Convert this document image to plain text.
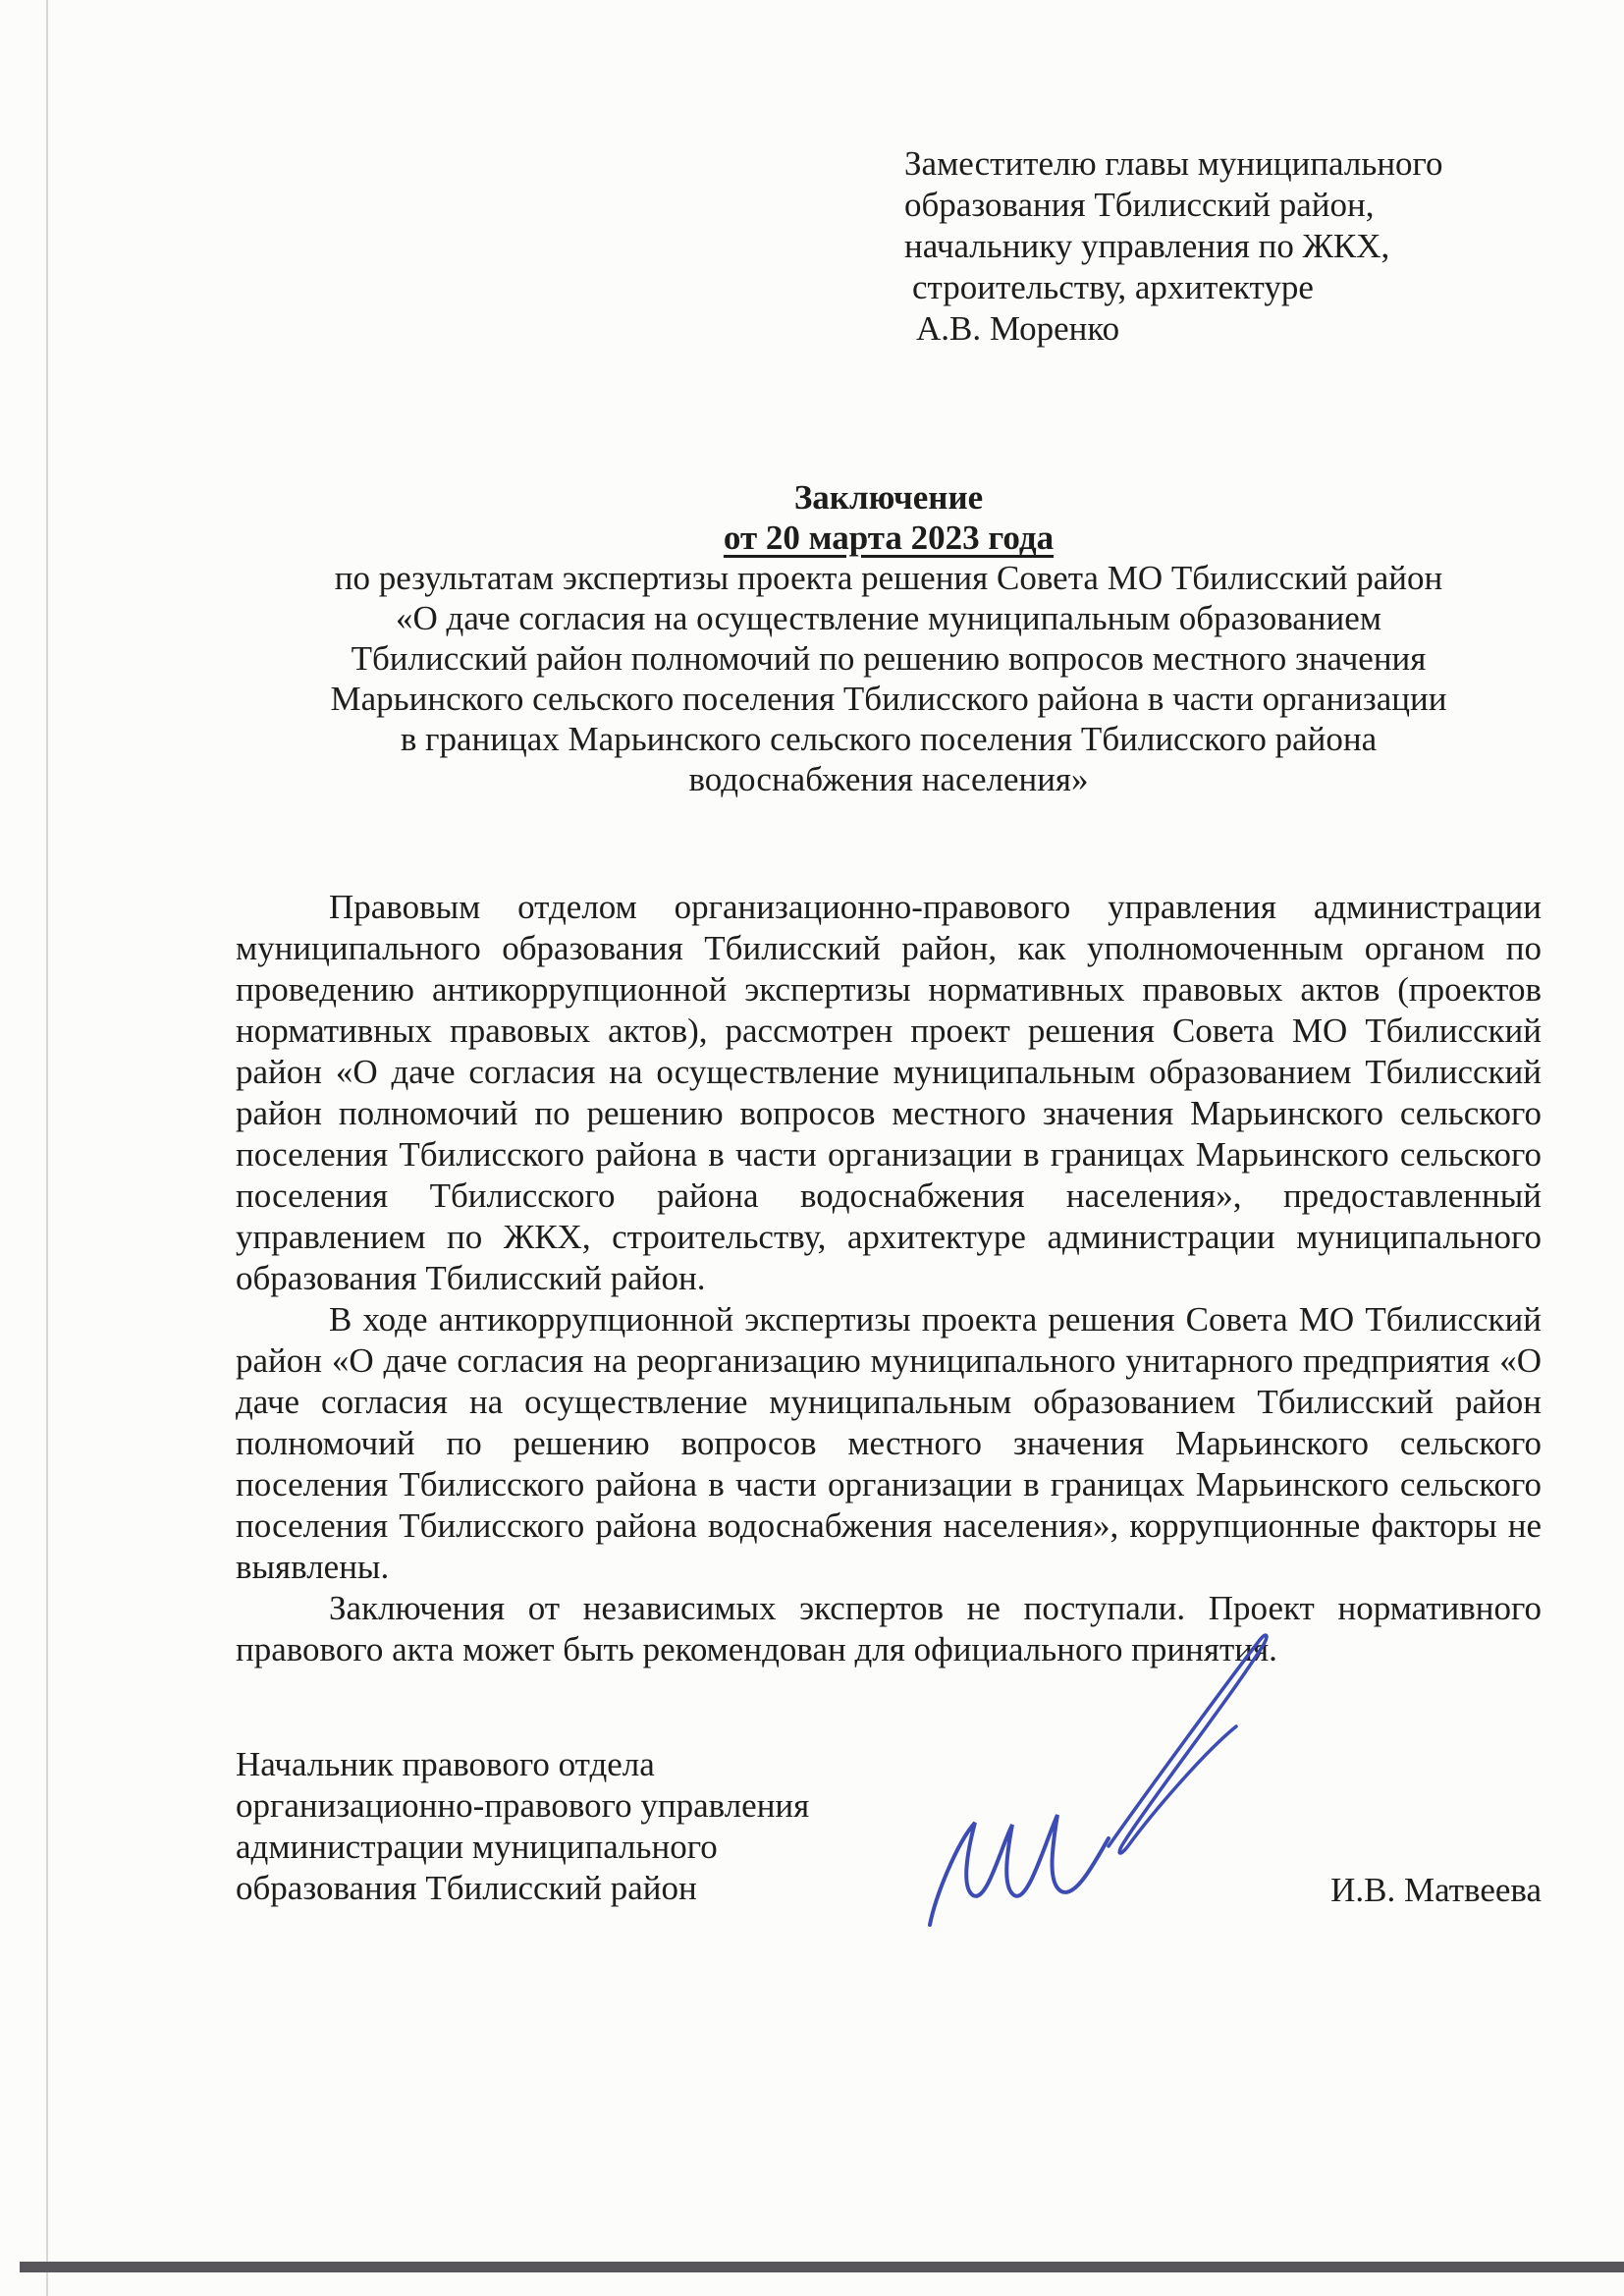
Заместителю главы муниципального
образования Тбилисский район,
начальнику управления по ЖКХ,
строительству, архитектуре
А.В. Моренко
Заключение
от 20 марта 2023 года
по результатам экспертизы проекта решения Совета МО Тбилисский район
«О даче согласия на осуществление муниципальным образованием
Тбилисский район полномочий по решению вопросов местного значения
Марьинского сельского поселения Тбилисского района в части организации
в границах Марьинского сельского поселения Тбилисского района
водоснабжения населения»

Правовым отделом организационно-правового управления администрации муниципального образования Тбилисский район, как уполномоченным органом по проведению антикоррупционной экспертизы нормативных правовых актов (проектов нормативных правовых актов), рассмотрен проект решения Совета МО Тбилисский район «О даче согласия на осуществление муниципальным образованием Тбилисский район полномочий по решению вопросов местного значения Марьинского сельского поселения Тбилисского района в части организации в границах Марьинского сельского поселения Тбилисского района водоснабжения населения», предоставленный управлением по ЖКХ, строительству, архитектуре администрации муниципального образования Тбилисский район.

В ходе антикоррупционной экспертизы проекта решения Совета МО Тбилисский район «О даче согласия на реорганизацию муниципального унитарного предприятия «О даче согласия на осуществление муниципальным образованием Тбилисский район полномочий по решению вопросов местного значения Марьинского сельского поселения Тбилисского района в части организации в границах Марьинского сельского поселения Тбилисского района водоснабжения населения», коррупционные факторы не выявлены.

Заключения от независимых экспертов не поступали. Проект нормативного правового акта может быть рекомендован для официального принятия.

Начальник правового отдела
организационно-правового управления
администрации муниципального
образования Тбилисский район	И.В. Матвеева
